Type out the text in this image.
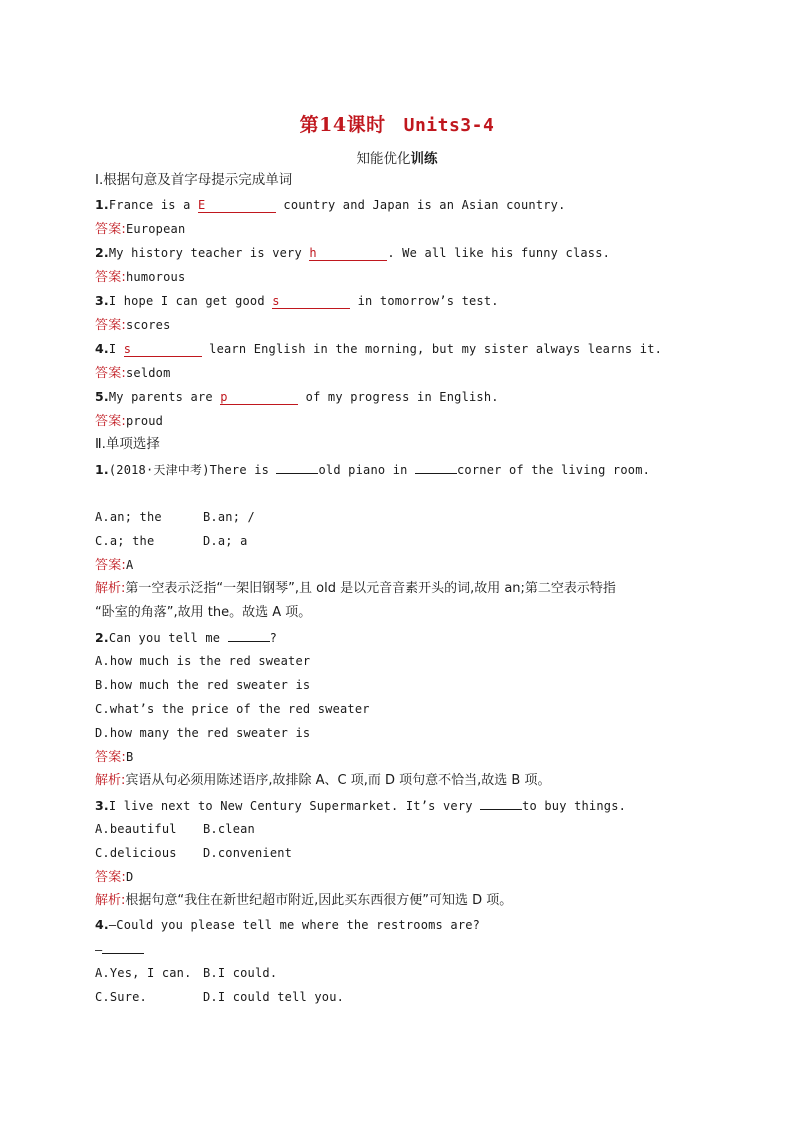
第14课时 Units3-4
知能优化训练
Ⅰ.根据句意及首字母提示完成单词
1.France is a E	country and Japan is an Asian country.
答案:European
2.My history teacher is very h	. We all like his funny class.
答案:humorous
3.I hope I can get good s	in tomorrow’s test.
答案:scores
4.I s	learn English in the morning, but my sister always learns it.
答案:seldom
5.My parents are p	of my progress in English.
答案:proud
Ⅱ.单项选择
1.(2018·天津中考)There is	old piano in	corner of the living room.
A.an; the	B.an; /
C.a; the	D.a; a
答案:A
解析:第一空表示泛指“一架旧钢琴”,且 old 是以元音音素开头的词,故用 an;第二空表示特指
“卧室的角落”,故用 the。故选 A 项。
2.Can you tell me	?
A.how much is the red sweater
B.how much the red sweater is
C.what’s the price of the red sweater
D.how many the red sweater is
答案:B
解析:宾语从句必须用陈述语序,故排除 A、C 项,而 D 项句意不恰当,故选 B 项。
3.I live next to New Century Supermarket. It’s very	to buy things.
A.beautiful B.clean
C.delicious D.convenient
答案:D
解析:根据句意“我住在新世纪超市附近,因此买东西很方便”可知选 D 项。
4.—Could you please tell me where the restrooms are?
—
A.Yes, I can. B.I could.
C.Sure.	D.I could tell you.
